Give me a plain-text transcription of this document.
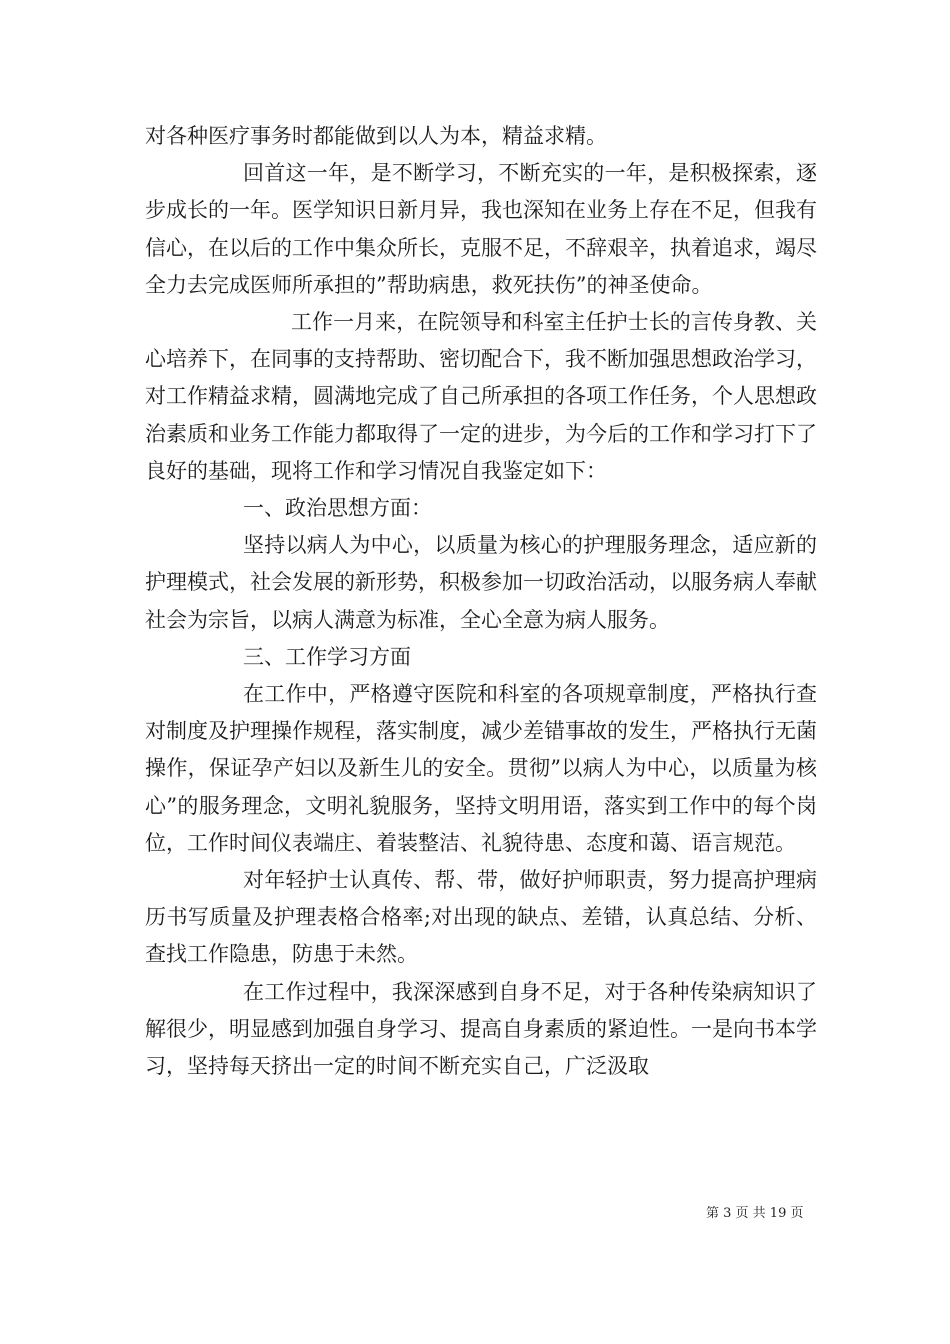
对各种医疗事务时都能做到以人为本，精益求精。

回首这一年，是不断学习，不断充实的一年，是积极探索，逐步成长的一年。医学知识日新月异，我也深知在业务上存在不足，但我有信心，在以后的工作中集众所长，克服不足，不辞艰辛，执着追求，竭尽全力去完成医师所承担的”帮助病患，救死扶伤”的神圣使命。

工作一月来，在院领导和科室主任护士长的言传身教、关心培养下，在同事的支持帮助、密切配合下，我不断加强思想政治学习，对工作精益求精，圆满地完成了自己所承担的各项工作任务，个人思想政治素质和业务工作能力都取得了一定的进步，为今后的工作和学习打下了良好的基础，现将工作和学习情况自我鉴定如下：

一、政治思想方面：

坚持以病人为中心，以质量为核心的护理服务理念，适应新的护理模式，社会发展的新形势，积极参加一切政治活动，以服务病人奉献社会为宗旨，以病人满意为标准，全心全意为病人服务。

三、工作学习方面

在工作中，严格遵守医院和科室的各项规章制度，严格执行查对制度及护理操作规程，落实制度，减少差错事故的发生，严格执行无菌操作，保证孕产妇以及新生儿的安全。贯彻”以病人为中心，以质量为核心”的服务理念，文明礼貌服务，坚持文明用语，落实到工作中的每个岗位，工作时间仪表端庄、着装整洁、礼貌待患、态度和蔼、语言规范。

对年轻护士认真传、帮、带，做好护师职责，努力提高护理病历书写质量及护理表格合格率;对出现的缺点、差错，认真总结、分析、查找工作隐患，防患于未然。

在工作过程中，我深深感到自身不足，对于各种传染病知识了解很少，明显感到加强自身学习、提高自身素质的紧迫性。一是向书本学习，坚持每天挤出一定的时间不断充实自己，广泛汲取

第 3 页 共 19 页
